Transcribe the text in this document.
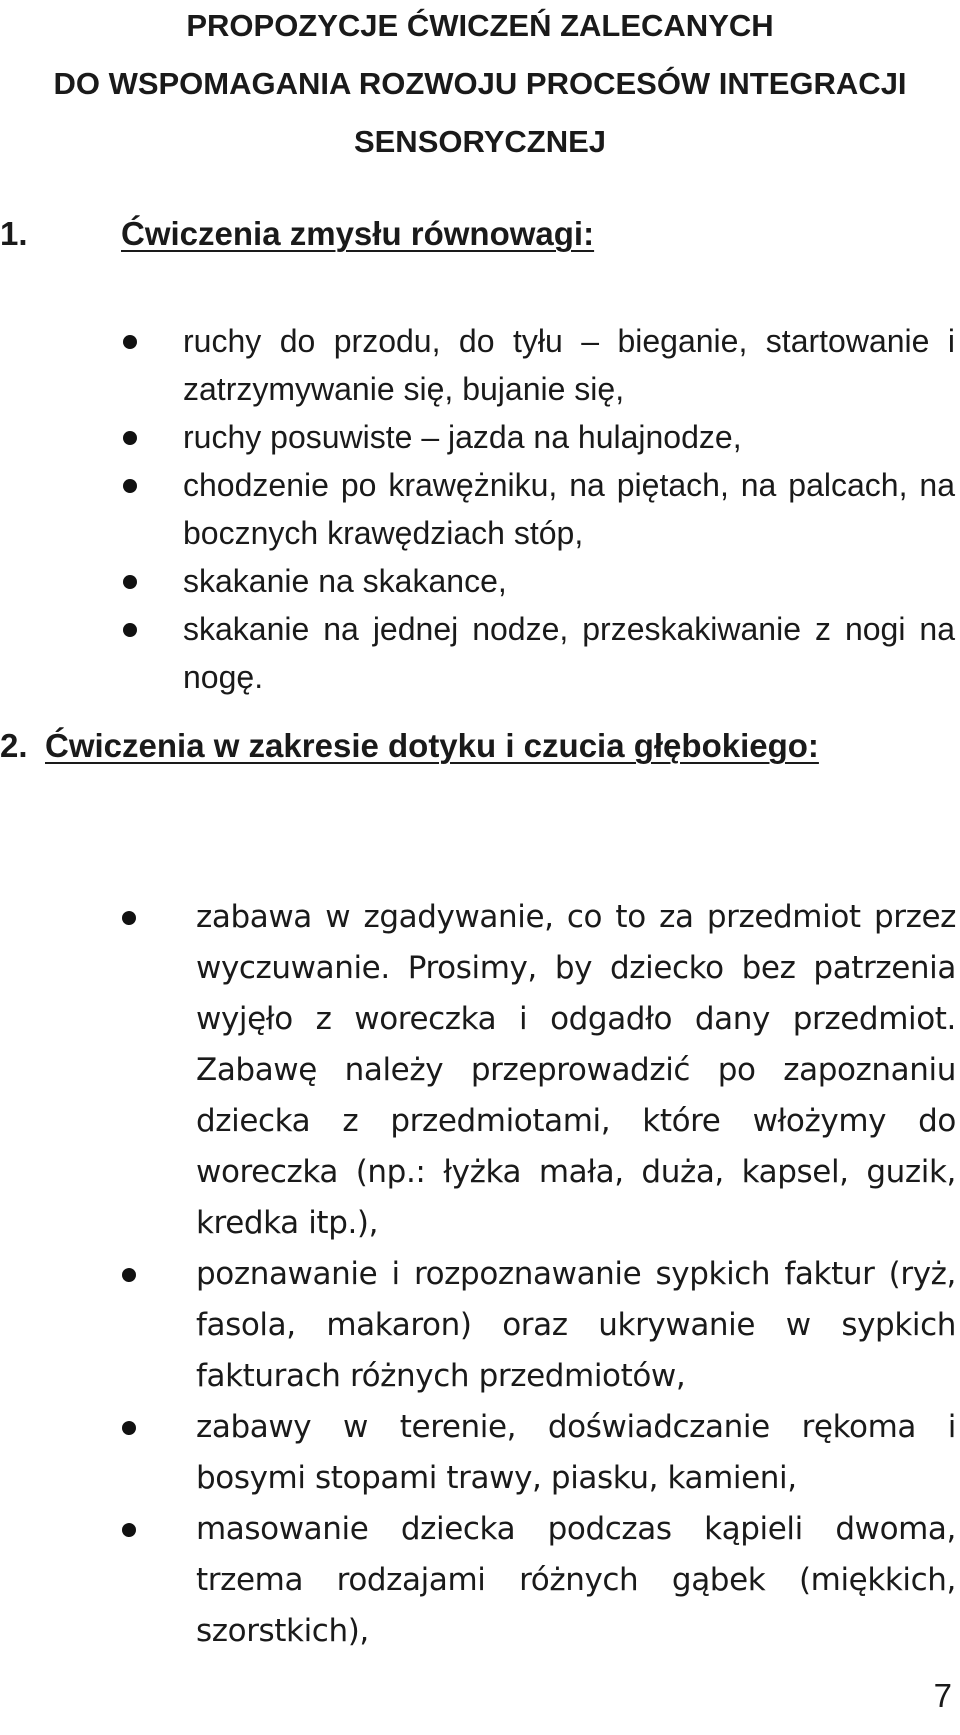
PROPOZYCJE ĆWICZEŃ ZALECANYCH
DO WSPOMAGANIA ROZWOJU PROCESÓW INTEGRACJI
SENSORYCZNEJ
1.	Ćwiczenia zmysłu równowagi:
ruchy do przodu, do tyłu – bieganie, startowanie i zatrzymywanie się, bujanie się,
ruchy posuwiste – jazda na hulajnodze,
chodzenie po krawężniku, na piętach, na palcach, na bocznych krawędziach stóp,
skakanie na skakance,
skakanie na jednej nodze, przeskakiwanie z nogi na nogę.
2. Ćwiczenia w zakresie dotyku i czucia głębokiego:
zabawa w zgadywanie, co to za przedmiot przez wyczuwanie. Prosimy, by dziecko bez patrzenia wyjęło z woreczka i odgadło dany przedmiot. Zabawę należy przeprowadzić po zapoznaniu dziecka z przedmiotami, które włożymy do woreczka (np.: łyżka mała, duża, kapsel, guzik, kredka itp.),
poznawanie i rozpoznawanie sypkich faktur (ryż, fasola, makaron) oraz ukrywanie w sypkich fakturach różnych przedmiotów,
zabawy w terenie, doświadczanie rękoma i bosymi stopami trawy, piasku, kamieni,
masowanie dziecka podczas kąpieli dwoma, trzema rodzajami różnych gąbek (miękkich, szorstkich),
7
